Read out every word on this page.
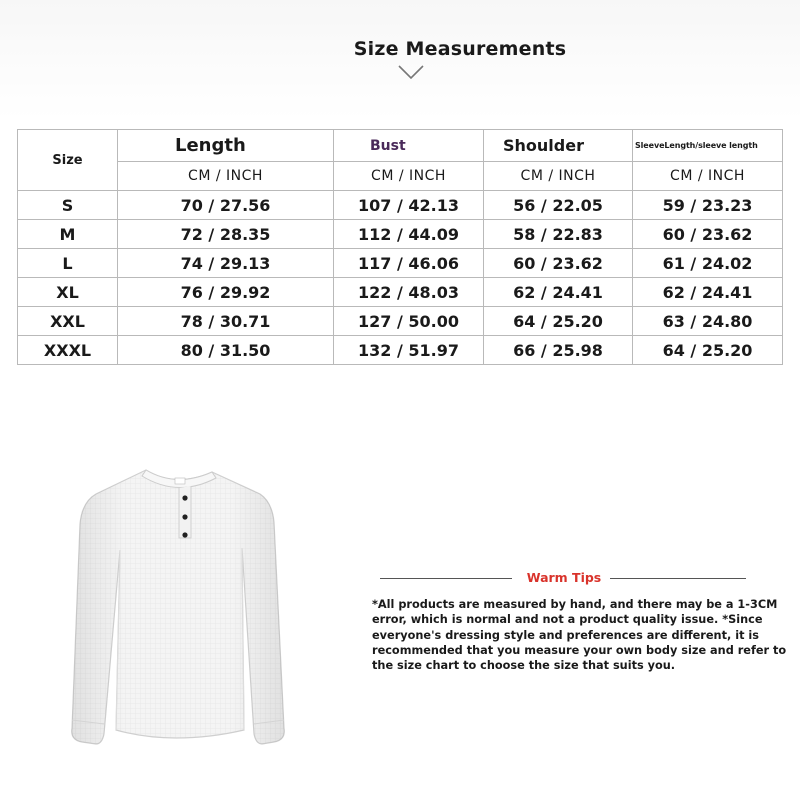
Size Measurements
Size	Length	Bust	Shoulder	SleeveLength/sleeve length
	CM / INCH	CM / INCH	CM / INCH	CM / INCH
S	70 / 27.56	107 / 42.13	56 / 22.05	59 / 23.23
M	72 / 28.35	112 / 44.09	58 / 22.83	60 / 23.62
L	74 / 29.13	117 / 46.06	60 / 23.62	61 / 24.02
XL	76 / 29.92	122 / 48.03	62 / 24.41	62 / 24.41
XXL	78 / 30.71	127 / 50.00	64 / 25.20	63 / 24.80
XXXL	80 / 31.50	132 / 51.97	66 / 25.98	64 / 25.20
Warm Tips
*All products are measured by hand, and there may be a 1-3CM error, which is normal and not a product quality issue. *Since everyone's dressing style and preferences are different, it is recommended that you measure your own body size and refer to the size chart to choose the size that suits you.
